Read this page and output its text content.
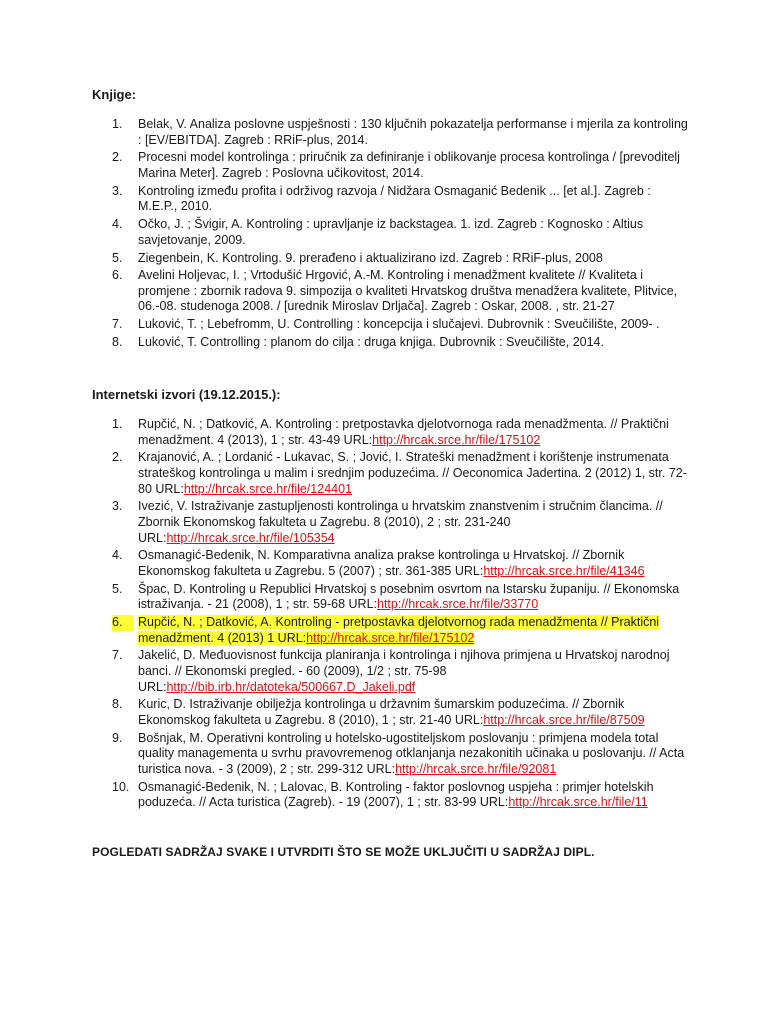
Knjige:

1.	Belak, V. Analiza poslovne uspješnosti : 130 ključnih pokazatelja performanse i mjerila za kontroling : [EV/EBITDA]. Zagreb : RRiF-plus, 2014.
2.	Procesni model kontrolinga : priručnik za definiranje i oblikovanje procesa kontrolinga / [prevoditelj Marina Meter]. Zagreb : Poslovna učikovitost, 2014.
3.	Kontroling između profita i održivog razvoja / Nidžara Osmaganić Bedenik ... [et al.]. Zagreb : M.E.P., 2010.
4.	Očko, J. ; Švigir, A. Kontroling : upravljanje iz backstagea. 1. izd. Zagreb : Kognosko : Altius savjetovanje, 2009.
5.	Ziegenbein, K. Kontroling. 9. prerađeno i aktualizirano izd. Zagreb : RRiF-plus, 2008
6.	Avelini Holjevac, I. ; Vrtodušić Hrgović, A.-M. Kontroling i menadžment kvalitete // Kvaliteta i promjene : zbornik radova 9. simpozija o kvaliteti Hrvatskog društva menadžera kvalitete, Plitvice, 06.-08. studenoga 2008. / [urednik Miroslav Drljača]. Zagreb : Oskar, 2008. , str. 21-27
7.	Luković, T. ; Lebefromm, U. Controlling : koncepcija i slučajevi. Dubrovnik : Sveučilište, 2009- .
8.	Luković, T. Controlling : planom do cilja : druga knjiga. Dubrovnik : Sveučilište, 2014.

Internetski izvori (19.12.2015.):

1.	Rupčić, N. ; Datković, A. Kontroling : pretpostavka djelotvornoga rada menadžmenta. // Praktični menadžment. 4 (2013), 1 ; str. 43-49 URL:http://hrcak.srce.hr/file/175102
2.	Krajanović, A. ; Lordanić - Lukavac, S. ; Jović, I. Strateški menadžment i korištenje instrumenata strateškog kontrolinga u malim i srednjim poduzećima. // Oeconomica Jadertina. 2 (2012) 1, str. 72-80 URL:http://hrcak.srce.hr/file/124401
3.	Ivezić, V. Istraživanje zastupljenosti kontrolinga u hrvatskim znanstvenim i stručnim člancima. // Zbornik Ekonomskog fakulteta u Zagrebu. 8 (2010), 2 ; str. 231-240 URL:http://hrcak.srce.hr/file/105354
4.	Osmanagić-Bedenik, N. Komparativna analiza prakse kontrolinga u Hrvatskoj. // Zbornik Ekonomskog fakulteta u Zagrebu. 5 (2007) ; str. 361-385 URL:http://hrcak.srce.hr/file/41346
5.	Špac, D. Kontroling u Republici Hrvatskoj s posebnim osvrtom na Istarsku županiju. // Ekonomska istraživanja. - 21 (2008), 1 ; str. 59-68 URL:http://hrcak.srce.hr/file/33770
6.	Rupčić, N. ; Datković, A. Kontroling - pretpostavka djelotvornog rada menadžmenta // Praktični menadžment. 4 (2013) 1 URL:http://hrcak.srce.hr/file/175102
7.	Jakelić, D. Međuovisnost funkcija planiranja i kontrolinga i njihova primjena u Hrvatskoj narodnoj banci. // Ekonomski pregled. - 60 (2009), 1/2 ; str. 75-98 URL:http://bib.irb.hr/datoteka/500667.D_Jakeli.pdf
8.	Kuric, D. Istraživanje obilježja kontrolinga u državnim šumarskim poduzećima. // Zbornik Ekonomskog fakulteta u Zagrebu. 8 (2010), 1 ; str. 21-40 URL:http://hrcak.srce.hr/file/87509
9.	Bošnjak, M. Operativni kontroling u hotelsko-ugostiteljskom poslovanju : primjena modela total quality managementa u svrhu pravovremenog otklanjanja nezakonitih učinaka u poslovanju. // Acta turistica nova. - 3 (2009), 2 ; str. 299-312 URL:http://hrcak.srce.hr/file/92081
10. Osmanagić-Bedenik, N. ; Lalovac, B. Kontroling - faktor poslovnog uspjeha : primjer hotelskih poduzeća. // Acta turistica (Zagreb). - 19 (2007), 1 ; str. 83-99 URL:http://hrcak.srce.hr/file/11

POGLEDATI SADRŽAJ SVAKE I UTVRDITI ŠTO SE MOŽE UKLJUČITI U SADRŽAJ DIPL.
